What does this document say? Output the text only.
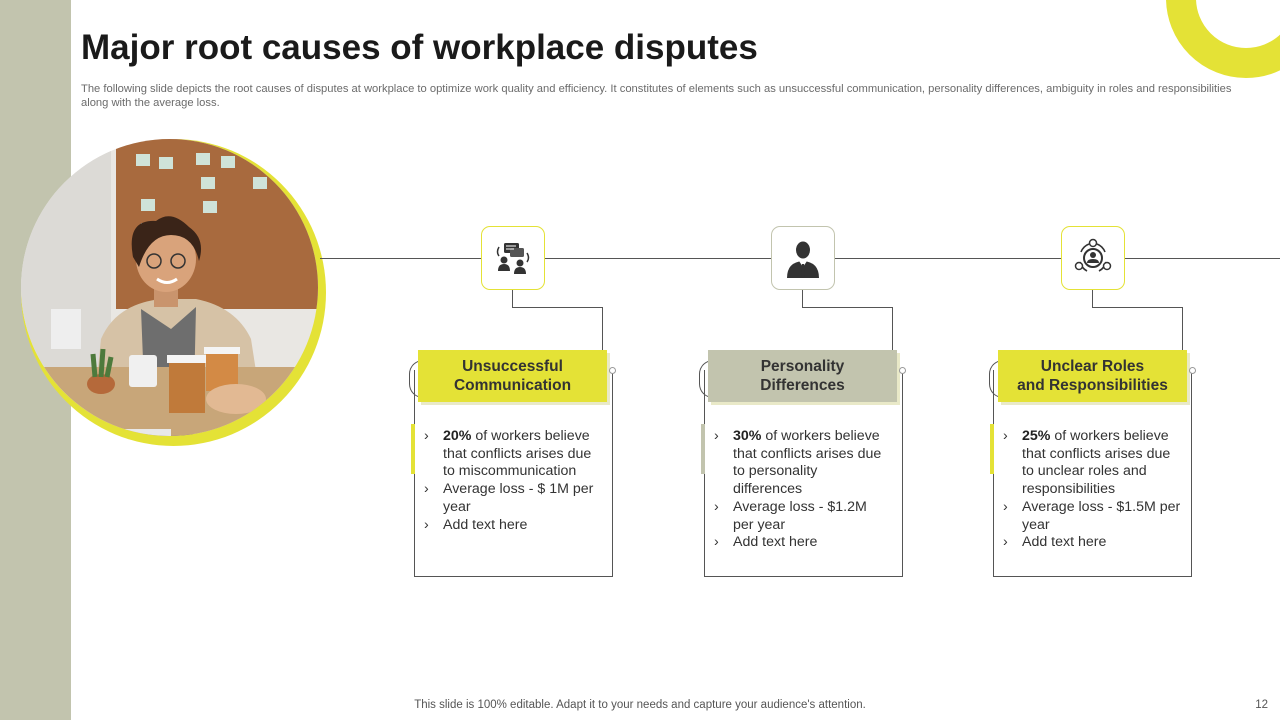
Major root causes of workplace disputes

The following slide depicts the root causes of disputes at workplace to optimize work quality and efficiency. It constitutes of elements such as unsuccessful communication, personality differences, ambiguity in roles and responsibilities along with the average loss.

Unsuccessful
Communication
› 20% of workers believe that conflicts arises due to miscommunication
› Average loss - $ 1M per year
› Add text here
Personality
Differences
› 30% of workers believe that conflicts arises due to personality differences
› Average loss - $1.2M per year
› Add text here
Unclear Roles
and Responsibilities
› 25% of workers believe that conflicts arises due to unclear roles and responsibilities
› Average loss - $1.5M per year
› Add text here
This slide is 100% editable. Adapt it to your needs and capture your audience's attention.	12
